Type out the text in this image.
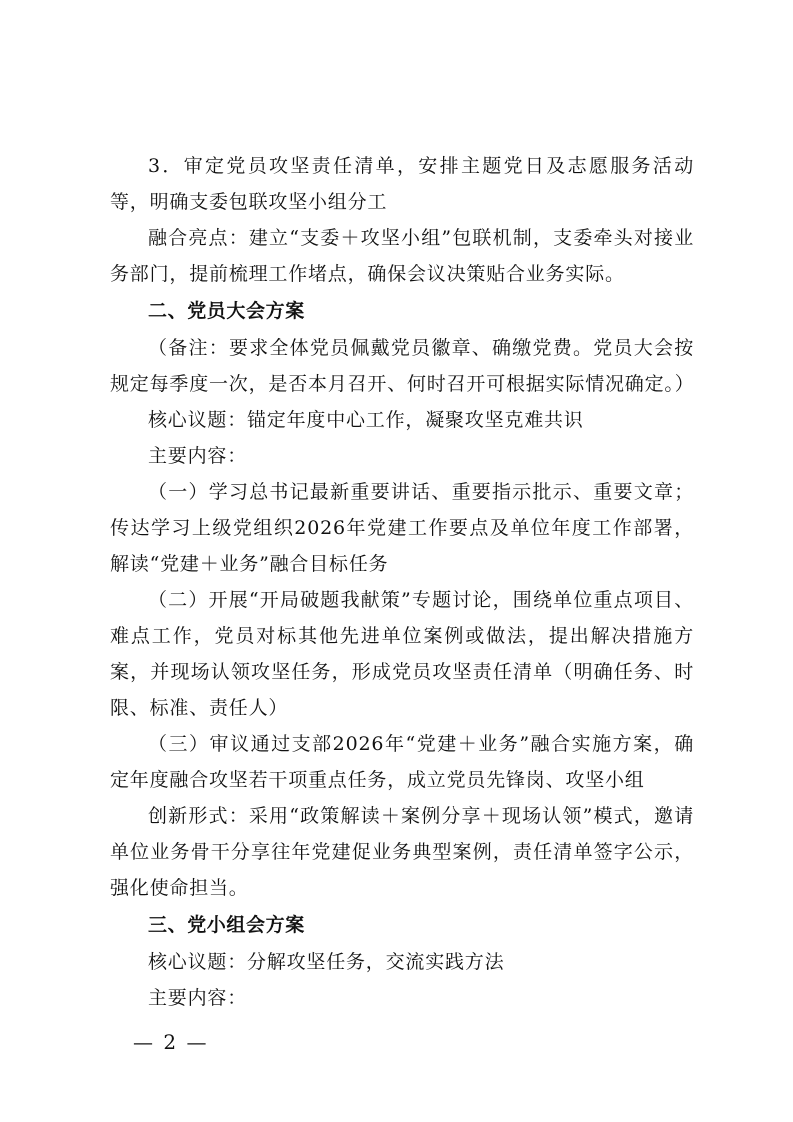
3．审定党员攻坚责任清单，安排主题党日及志愿服务活动等，明确支委包联攻坚小组分工

融合亮点：建立“支委＋攻坚小组”包联机制，支委牵头对接业务部门，提前梳理工作堵点，确保会议决策贴合业务实际。

二、党员大会方案

（备注：要求全体党员佩戴党员徽章、确缴党费。党员大会按规定每季度一次，是否本月召开、何时召开可根据实际情况确定。）

核心议题：锚定年度中心工作，凝聚攻坚克难共识

主要内容：

（一）学习总书记最新重要讲话、重要指示批示、重要文章；传达学习上级党组织2026年党建工作要点及单位年度工作部署，解读“党建＋业务”融合目标任务

（二）开展“开局破题我献策”专题讨论，围绕单位重点项目、难点工作，党员对标其他先进单位案例或做法，提出解决措施方案，并现场认领攻坚任务，形成党员攻坚责任清单（明确任务、时限、标准、责任人）

（三）审议通过支部2026年“党建＋业务”融合实施方案，确定年度融合攻坚若干项重点任务，成立党员先锋岗、攻坚小组

创新形式：采用“政策解读＋案例分享＋现场认领”模式，邀请单位业务骨干分享往年党建促业务典型案例，责任清单签字公示，强化使命担当。

三、党小组会方案

核心议题：分解攻坚任务，交流实践方法

主要内容：

— 2 —
